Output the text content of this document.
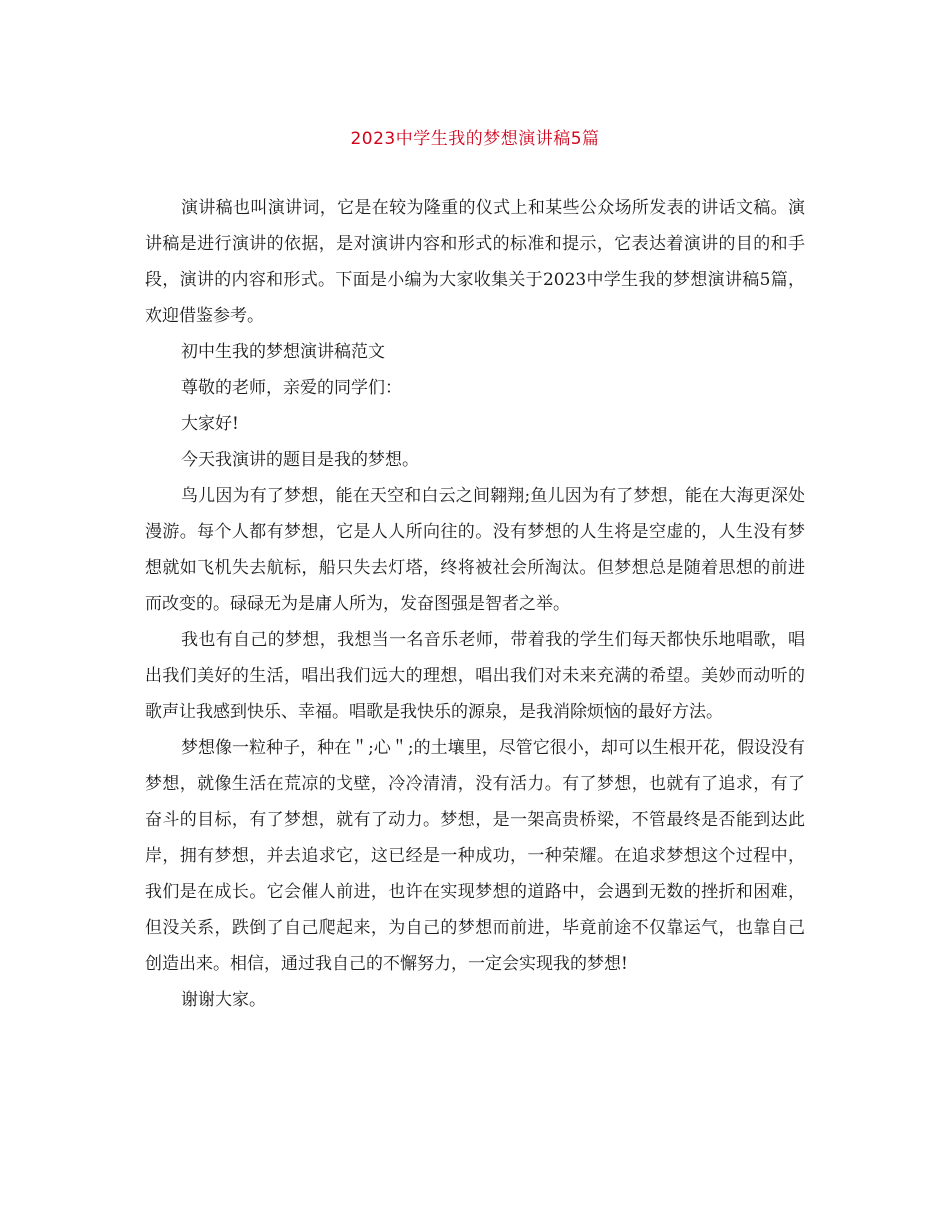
2023中学生我的梦想演讲稿5篇

演讲稿也叫演讲词，它是在较为隆重的仪式上和某些公众场所发表的讲话文稿。演讲稿是进行演讲的依据，是对演讲内容和形式的标准和提示，它表达着演讲的目的和手段，演讲的内容和形式。下面是小编为大家收集关于2023中学生我的梦想演讲稿5篇，欢迎借鉴参考。

初中生我的梦想演讲稿范文

尊敬的老师，亲爱的同学们：

大家好!

今天我演讲的题目是我的梦想。

鸟儿因为有了梦想，能在天空和白云之间翱翔;鱼儿因为有了梦想，能在大海更深处漫游。每个人都有梦想，它是人人所向往的。没有梦想的人生将是空虚的，人生没有梦想就如飞机失去航标，船只失去灯塔，终将被社会所淘汰。但梦想总是随着思想的前进而改变的。碌碌无为是庸人所为，发奋图强是智者之举。

我也有自己的梦想，我想当一名音乐老师，带着我的学生们每天都快乐地唱歌，唱出我们美好的生活，唱出我们远大的理想，唱出我们对未来充满的希望。美妙而动听的歌声让我感到快乐、幸福。唱歌是我快乐的源泉，是我消除烦恼的最好方法。

梦想像一粒种子，种在＂;心＂;的土壤里，尽管它很小，却可以生根开花，假设没有梦想，就像生活在荒凉的戈壁，冷冷清清，没有活力。有了梦想，也就有了追求，有了奋斗的目标，有了梦想，就有了动力。梦想，是一架高贵桥梁，不管最终是否能到达此岸，拥有梦想，并去追求它，这已经是一种成功，一种荣耀。在追求梦想这个过程中，我们是在成长。它会催人前进，也许在实现梦想的道路中，会遇到无数的挫折和困难，但没关系，跌倒了自己爬起来，为自己的梦想而前进，毕竟前途不仅靠运气，也靠自己创造出来。相信，通过我自己的不懈努力，一定会实现我的梦想!

谢谢大家。
